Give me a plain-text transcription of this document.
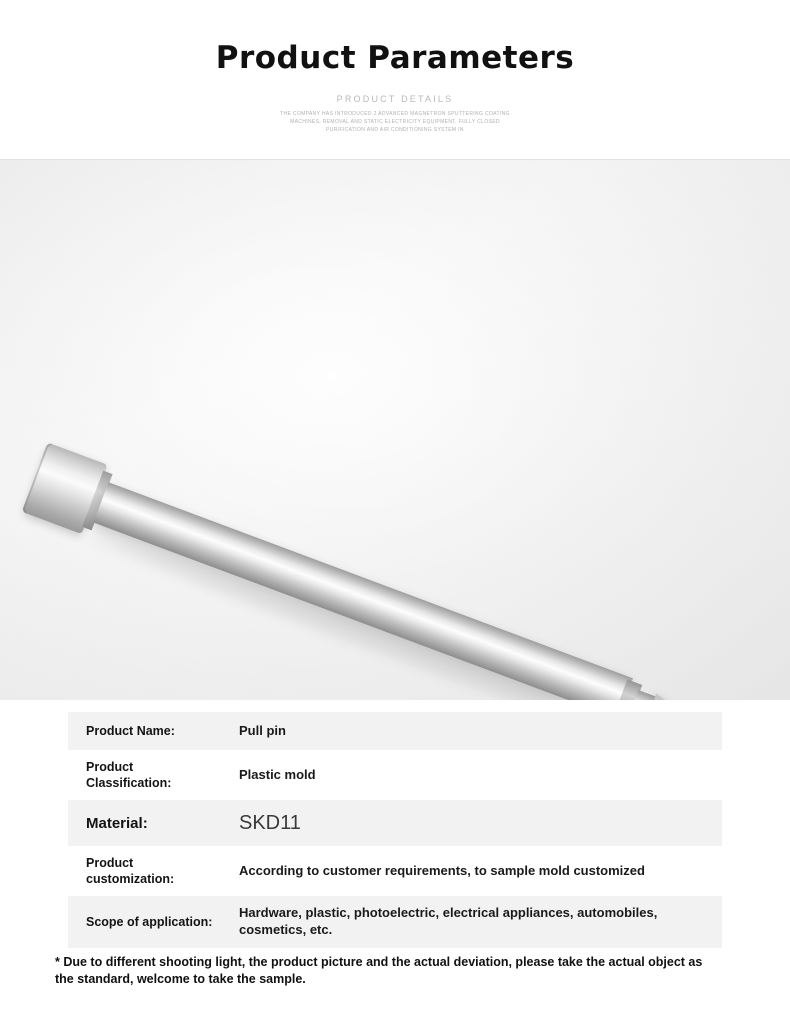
Product Parameters
PRODUCT DETAILS
THE COMPANY HAS INTRODUCED 2 ADVANCED MAGNETRON SPUTTERING COATING MACHINES, REMOVAL AND STATIC ELECTRICITY EQUIPMENT, FULLY CLOSED PURIFICATION AND AIR CONDITIONING SYSTEM IN
Product Name:	Pull pin
Product Classification:
Plastic mold
Material:	SKD11
Product customization:
According to customer requirements, to sample mold customized
Scope of application:
Hardware, plastic, photoelectric, electrical appliances, automobiles, cosmetics, etc.
* Due to different shooting light, the product picture and the actual deviation, please take the actual object as the standard, welcome to take the sample.
